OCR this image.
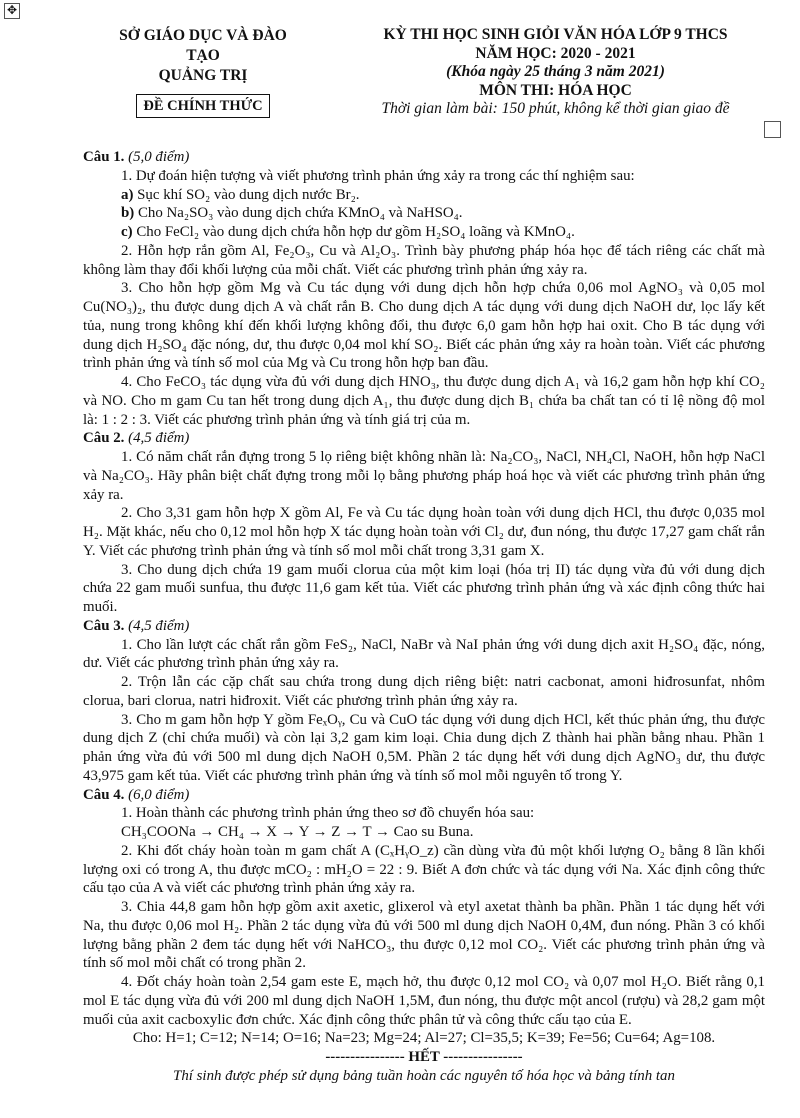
✥
SỞ GIÁO DỤC VÀ ĐÀO TẠO
QUẢNG TRỊ
ĐỀ CHÍNH THỨC
KỲ THI HỌC SINH GIỎI VĂN HÓA LỚP 9 THCS
NĂM HỌC: 2020 - 2021
(Khóa ngày 25 tháng 3 năm 2021)
MÔN THI: HÓA HỌC
Thời gian làm bài: 150 phút, không kể thời gian giao đề

Câu 1. (5,0 điểm)

1. Dự đoán hiện tượng và viết phương trình phản ứng xảy ra trong các thí nghiệm sau:

a) Sục khí SO₂ vào dung dịch nước Br₂.

b) Cho Na₂SO₃ vào dung dịch chứa KMnO₄ và NaHSO₄.

c) Cho FeCl₂ vào dung dịch chứa hỗn hợp dư gồm H₂SO₄ loãng và KMnO₄.

2. Hỗn hợp rắn gồm Al, Fe₂O₃, Cu và Al₂O₃. Trình bày phương pháp hóa học để tách riêng các chất mà không làm thay đổi khối lượng của mỗi chất. Viết các phương trình phản ứng xảy ra.

3. Cho hỗn hợp gồm Mg và Cu tác dụng với dung dịch hỗn hợp chứa 0,06 mol AgNO₃ và 0,05 mol Cu(NO₃)₂, thu được dung dịch A và chất rắn B. Cho dung dịch A tác dụng với dung dịch NaOH dư, lọc lấy kết tủa, nung trong không khí đến khối lượng không đổi, thu được 6,0 gam hỗn hợp hai oxit. Cho B tác dụng với dung dịch H₂SO₄ đặc nóng, dư, thu được 0,04 mol khí SO₂. Biết các phản ứng xảy ra hoàn toàn. Viết các phương trình phản ứng và tính số mol của Mg và Cu trong hỗn hợp ban đầu.

4. Cho FeCO₃ tác dụng vừa đủ với dung dịch HNO₃, thu được dung dịch A₁ và 16,2 gam hỗn hợp khí CO₂ và NO. Cho m gam Cu tan hết trong dung dịch A₁, thu được dung dịch B₁ chứa ba chất tan có tỉ lệ nồng độ mol là: 1 : 2 : 3. Viết các phương trình phản ứng và tính giá trị của m.

Câu 2. (4,5 điểm)

1. Có năm chất rắn đựng trong 5 lọ riêng biệt không nhãn là: Na₂CO₃, NaCl, NH₄Cl, NaOH, hỗn hợp NaCl và Na₂CO₃. Hãy phân biệt chất đựng trong mỗi lọ bằng phương pháp hoá học và viết các phương trình phản ứng xảy ra.

2. Cho 3,31 gam hỗn hợp X gồm Al, Fe và Cu tác dụng hoàn toàn với dung dịch HCl, thu được 0,035 mol H₂. Mặt khác, nếu cho 0,12 mol hỗn hợp X tác dụng hoàn toàn với Cl₂ dư, đun nóng, thu được 17,27 gam chất rắn Y. Viết các phương trình phản ứng và tính số mol mỗi chất trong 3,31 gam X.

3. Cho dung dịch chứa 19 gam muối clorua của một kim loại (hóa trị II) tác dụng vừa đủ với dung dịch chứa 22 gam muối sunfua, thu được 11,6 gam kết tủa. Viết các phương trình phản ứng và xác định công thức hai muối.

Câu 3. (4,5 điểm)

1. Cho lần lượt các chất rắn gồm FeS₂, NaCl, NaBr và NaI phản ứng với dung dịch axit H₂SO₄ đặc, nóng, dư. Viết các phương trình phản ứng xảy ra.

2. Trộn lẫn các cặp chất sau chứa trong dung dịch riêng biệt: natri cacbonat, amoni hiđrosunfat, nhôm clorua, bari clorua, natri hiđroxit. Viết các phương trình phản ứng xảy ra.

3. Cho m gam hỗn hợp Y gồm FeₓOᵧ, Cu và CuO tác dụng với dung dịch HCl, kết thúc phản ứng, thu được dung dịch Z (chỉ chứa muối) và còn lại 3,2 gam kim loại. Chia dung dịch Z thành hai phần bằng nhau. Phần 1 phản ứng vừa đủ với 500 ml dung dịch NaOH 0,5M. Phần 2 tác dụng hết với dung dịch AgNO₃ dư, thu được 43,975 gam kết tủa. Viết các phương trình phản ứng và tính số mol mỗi nguyên tố trong Y.

Câu 4. (6,0 điểm)

1. Hoàn thành các phương trình phản ứng theo sơ đồ chuyển hóa sau:

CH₃COONa → CH₄ → X → Y → Z → T → Cao su Buna.

2. Khi đốt cháy hoàn toàn m gam chất A (CₓHᵧO_z) cần dùng vừa đủ một khối lượng O₂ bằng 8 lần khối lượng oxi có trong A, thu được mCO₂ : mH₂O = 22 : 9. Biết A đơn chức và tác dụng với Na. Xác định công thức cấu tạo của A và viết các phương trình phản ứng xảy ra.

3. Chia 44,8 gam hỗn hợp gồm axit axetic, glixerol và etyl axetat thành ba phần. Phần 1 tác dụng hết với Na, thu được 0,06 mol H₂. Phần 2 tác dụng vừa đủ với 500 ml dung dịch NaOH 0,4M, đun nóng. Phần 3 có khối lượng bằng phần 2 đem tác dụng hết với NaHCO₃, thu được 0,12 mol CO₂. Viết các phương trình phản ứng và tính số mol mỗi chất có trong phần 2.

4. Đốt cháy hoàn toàn 2,54 gam este E, mạch hở, thu được 0,12 mol CO₂ và 0,07 mol H₂O. Biết rằng 0,1 mol E tác dụng vừa đủ với 200 ml dung dịch NaOH 1,5M, đun nóng, thu được một ancol (rượu) và 28,2 gam một muối của axit cacboxylic đơn chức. Xác định công thức phân tử và công thức cấu tạo của E.

Cho: H=1; C=12; N=14; O=16; Na=23; Mg=24; Al=27; Cl=35,5; K=39; Fe=56; Cu=64; Ag=108.

---------------- HẾT ----------------

Thí sinh được phép sử dụng bảng tuần hoàn các nguyên tố hóa học và bảng tính tan
